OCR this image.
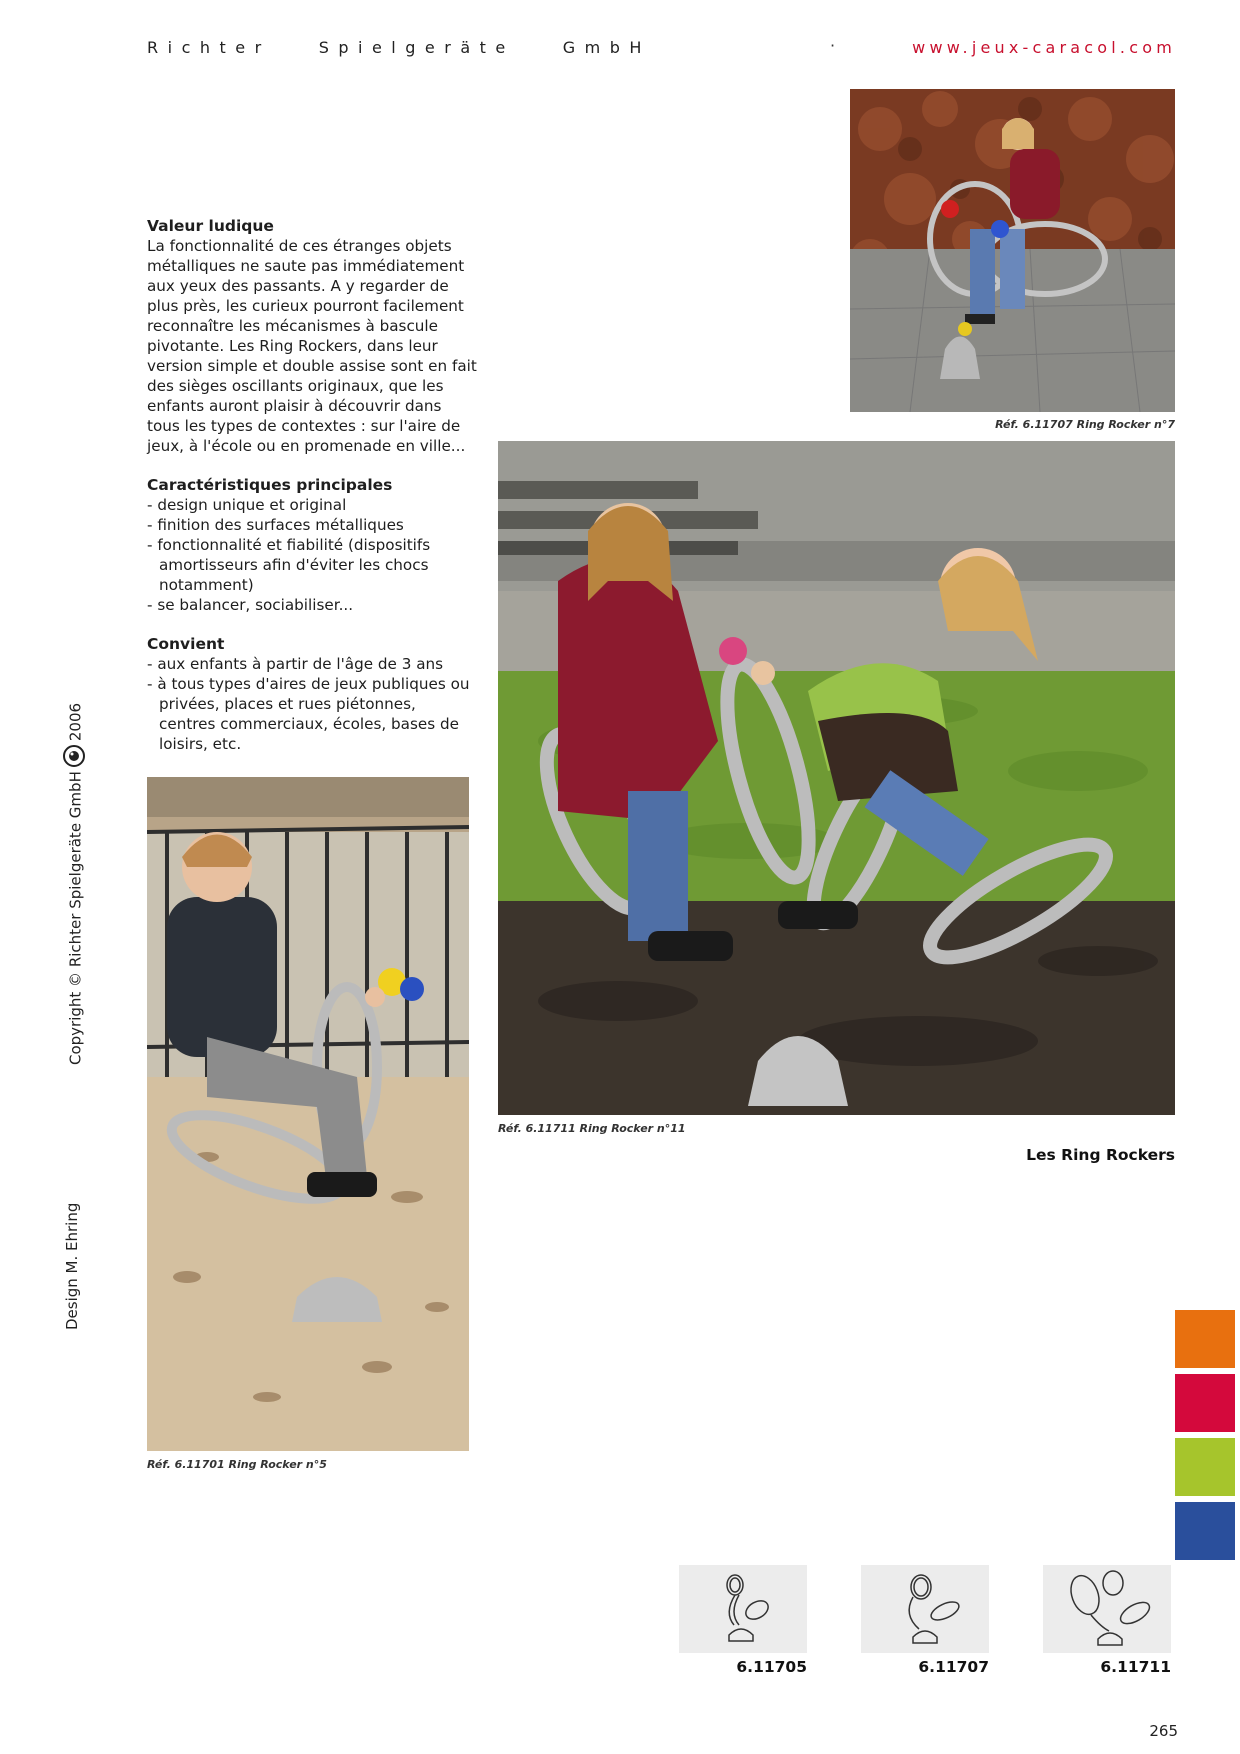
Richter	Spielgeräte	GmbH	·	www.jeux-caracol.com
Valeur ludique

La fonctionnalité de ces étranges objets métalliques ne saute pas immédiatement aux yeux des passants. A y regarder de plus près, les curieux pourront facilement reconnaître les mécanismes à bascule pivotante. Les Ring Rockers, dans leur version simple et double assise sont en fait des sièges oscillants originaux, que les enfants auront plaisir à découvrir dans tous les types de contextes : sur l'aire de jeux, à l'école ou en promenade en ville...

Caractéristiques principales
- design unique et original
- finition des surfaces métalliques
- fonctionnalité et fiabilité (dispositifs amortisseurs afin d'éviter les chocs notamment)
- se balancer, sociabiliser...
Convient
- aux enfants à partir de l'âge de 3 ans
- à tous types d'aires de jeux publiques ou privées, places et rues piétonnes, centres commerciaux, écoles, bases de loisirs, etc.
Réf. 6.11707 Ring Rocker n°7
Réf. 6.11711 Ring Rocker n°11
Les Ring Rockers
Réf. 6.11701 Ring Rocker n°5
Copyright © Richter Spielgeräte GmbH2006
Design M. Ehring
6.11705	6.11707	6.11711
265
